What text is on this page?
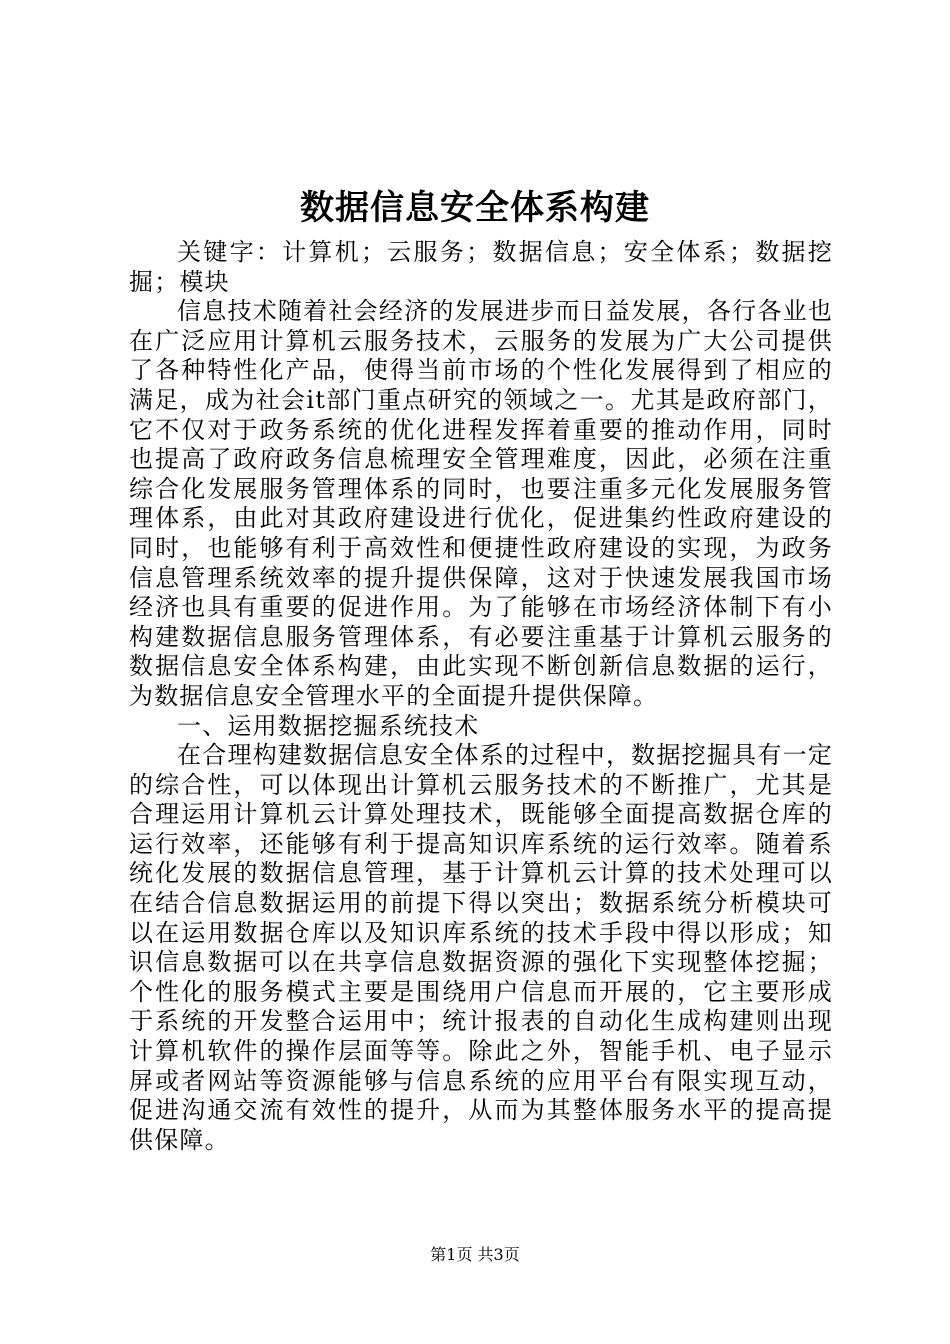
数据信息安全体系构建

关键字：计算机；云服务；数据信息；安全体系；数据挖掘；模块

信息技术随着社会经济的发展进步而日益发展，各行各业也在广泛应用计算机云服务技术，云服务的发展为广大公司提供了各种特性化产品，使得当前市场的个性化发展得到了相应的满足，成为社会it部门重点研究的领域之一。尤其是政府部门，它不仅对于政务系统的优化进程发挥着重要的推动作用，同时也提高了政府政务信息梳理安全管理难度，因此，必须在注重综合化发展服务管理体系的同时，也要注重多元化发展服务管理体系，由此对其政府建设进行优化，促进集约性政府建设的同时，也能够有利于高效性和便捷性政府建设的实现，为政务信息管理系统效率的提升提供保障，这对于快速发展我国市场经济也具有重要的促进作用。为了能够在市场经济体制下有小构建数据信息服务管理体系，有必要注重基于计算机云服务的数据信息安全体系构建，由此实现不断创新信息数据的运行，为数据信息安全管理水平的全面提升提供保障。

一、运用数据挖掘系统技术

在合理构建数据信息安全体系的过程中，数据挖掘具有一定的综合性，可以体现出计算机云服务技术的不断推广，尤其是合理运用计算机云计算处理技术，既能够全面提高数据仓库的运行效率，还能够有利于提高知识库系统的运行效率。随着系统化发展的数据信息管理，基于计算机云计算的技术处理可以在结合信息数据运用的前提下得以突出；数据系统分析模块可以在运用数据仓库以及知识库系统的技术手段中得以形成；知识信息数据可以在共享信息数据资源的强化下实现整体挖掘；个性化的服务模式主要是围绕用户信息而开展的，它主要形成于系统的开发整合运用中；统计报表的自动化生成构建则出现计算机软件的操作层面等等。除此之外，智能手机、电子显示屏或者网站等资源能够与信息系统的应用平台有限实现互动，促进沟通交流有效性的提升，从而为其整体服务水平的提高提供保障。

第1页 共3页
